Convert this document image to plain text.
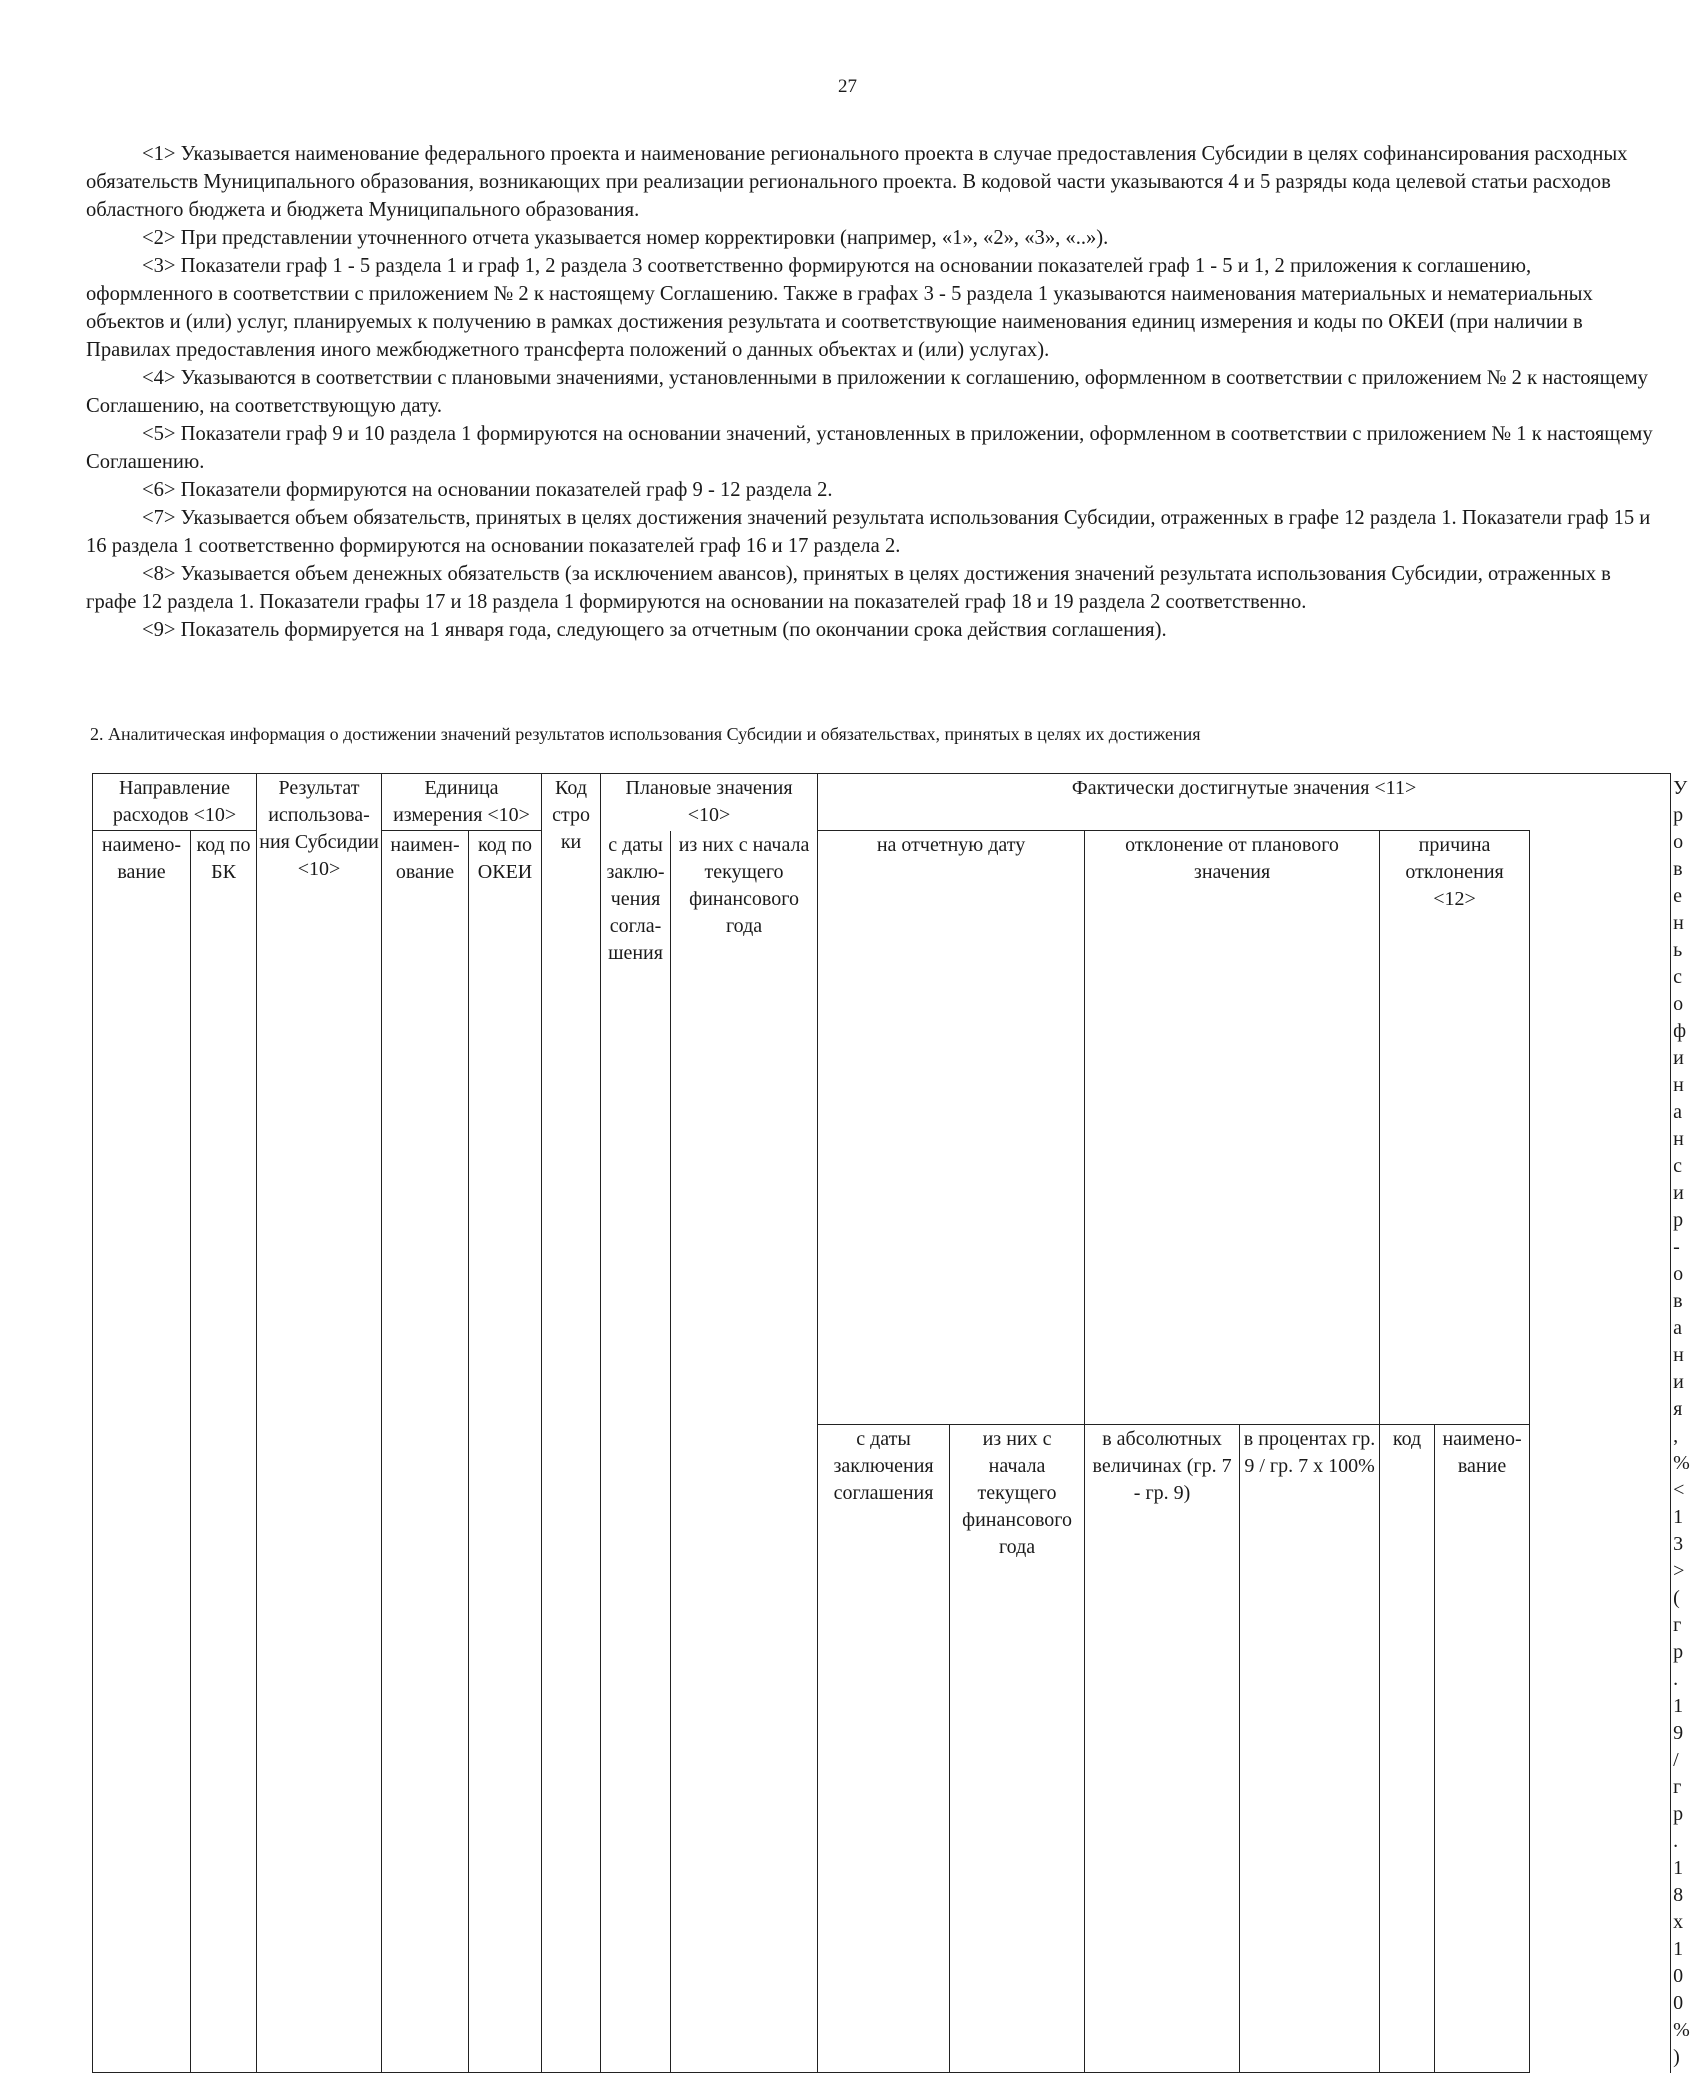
27

<1> Указывается наименование федерального проекта и наименование регионального проекта в случае предоставления Субсидии в целях софинансирования расходных обязательств Муниципального образования, возникающих при реализации регионального проекта. В кодовой части указываются 4 и 5 разряды кода целевой статьи расходов областного бюджета и бюджета Муниципального образования.

<2> При представлении уточненного отчета указывается номер корректировки (например, «1», «2», «3», «..»).

<3> Показатели граф 1 - 5 раздела 1 и граф 1, 2 раздела 3 соответственно формируются на основании показателей граф 1 - 5 и 1, 2 приложения к соглашению, оформленного в соответствии с приложением № 2 к настоящему Соглашению. Также в графах 3 - 5 раздела 1 указываются наименования материальных и нематериальных объектов и (или) услуг, планируемых к получению в рамках достижения результата и соответствующие наименования единиц измерения и коды по ОКЕИ (при наличии в Правилах предоставления иного межбюджетного трансферта положений о данных объектах и (или) услугах).

<4> Указываются в соответствии с плановыми значениями, установленными в приложении к соглашению, оформленном в соответствии с приложением № 2 к настоящему Соглашению, на соответствующую дату.

<5> Показатели граф 9 и 10 раздела 1 формируются на основании значений, установленных в приложении, оформленном в соответствии с приложением № 1 к настоящему Соглашению.

<6> Показатели формируются на основании показателей граф 9 - 12 раздела 2.

<7> Указывается объем обязательств, принятых в целях достижения значений результата использования Субсидии, отраженных в графе 12 раздела 1. Показатели граф 15 и 16 раздела 1 соответственно формируются на основании показателей граф 16 и 17 раздела 2.

<8> Указывается объем денежных обязательств (за исключением авансов), принятых в целях достижения значений результата использования Субсидии, отраженных в графе 12 раздела 1. Показатели графы 17 и 18 раздела 1 формируются на основании на показателей граф 18 и 19 раздела 2 соответственно.

<9> Показатель формируется на 1 января года, следующего за отчетным (по окончании срока действия соглашения).

2. Аналитическая информация о достижении значений результатов использования Субсидии и обязательствах, принятых в целях их достижения
Направление расходов <10>		Результат использования Субсидии <10>	Единица измерения <10>		Код строки	Плановые значения <10>		Фактически достигнутые значения <11>						Уровень софинансирования, % <13> (гр. 19 / гр. 18 x 100%)
наименование	код по БК		наименование	код по ОКЕИ		с даты заключения соглашения	из них с начала текущего финансового года	на отчетную дату		отклонение от планового значения		причина отклонения <12>		
								с даты заключения соглашения	из них с начала текущего финансового года	в абсолютных величинах (гр. 7 - гр. 9)	в процентах гр. 9 / гр. 7 x 100%	код	наименование	
